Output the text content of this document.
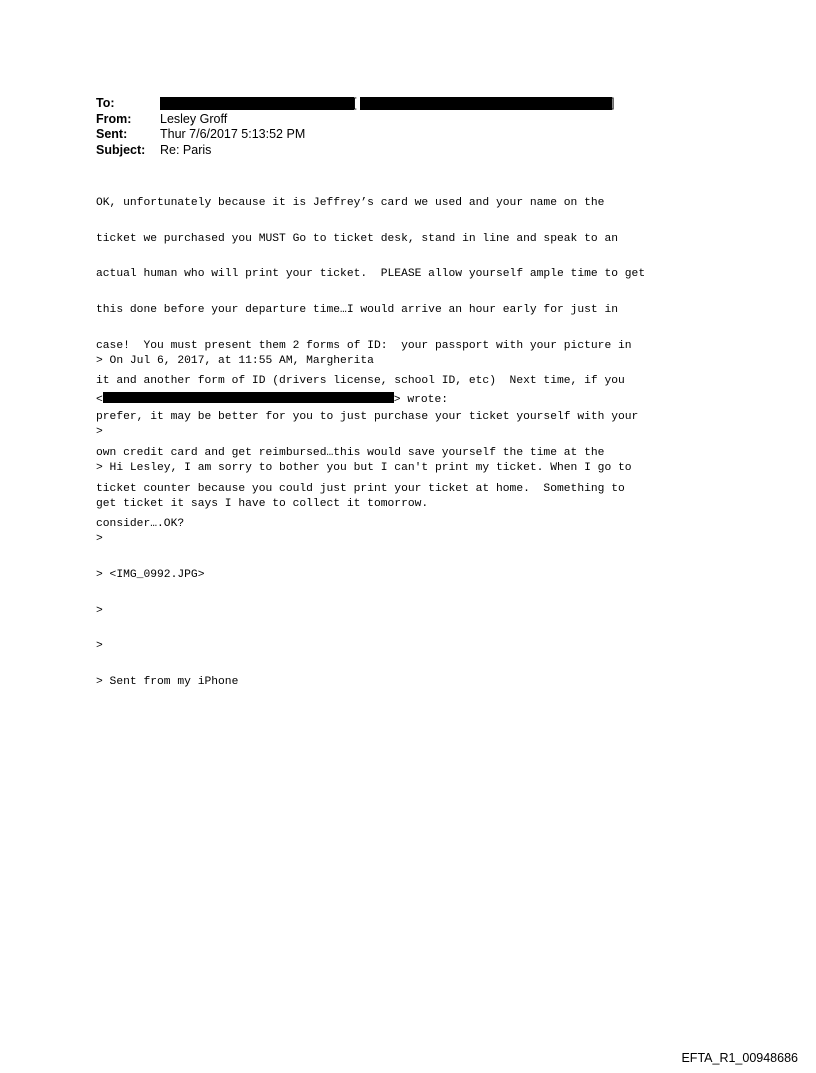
To:	[	]
From:	Lesley Groff
Sent:	Thur 7/6/2017 5:13:52 PM
Subject:	Re: Paris

OK, unfortunately because it is Jeffrey’s card we used and your name on the

ticket we purchased you MUST Go to ticket desk, stand in line and speak to an

actual human who will print your ticket.  PLEASE allow yourself ample time to get

this done before your departure time…I would arrive an hour early for just in

case!  You must present them 2 forms of ID:  your passport with your picture in

it and another form of ID (drivers license, school ID, etc)  Next time, if you

prefer, it may be better for you to just purchase your ticket yourself with your

own credit card and get reimbursed…this would save yourself the time at the

ticket counter because you could just print your ticket at home.  Something to

consider….OK?

> On Jul 6, 2017, at 11:55 AM, Margherita

<	> wrote:

>

> Hi Lesley, I am sorry to bother you but I can't print my ticket. When I go to

get ticket it says I have to collect it tomorrow.

>

> <IMG_0992.JPG>

>

>

> Sent from my iPhone

EFTA_R1_00948686
